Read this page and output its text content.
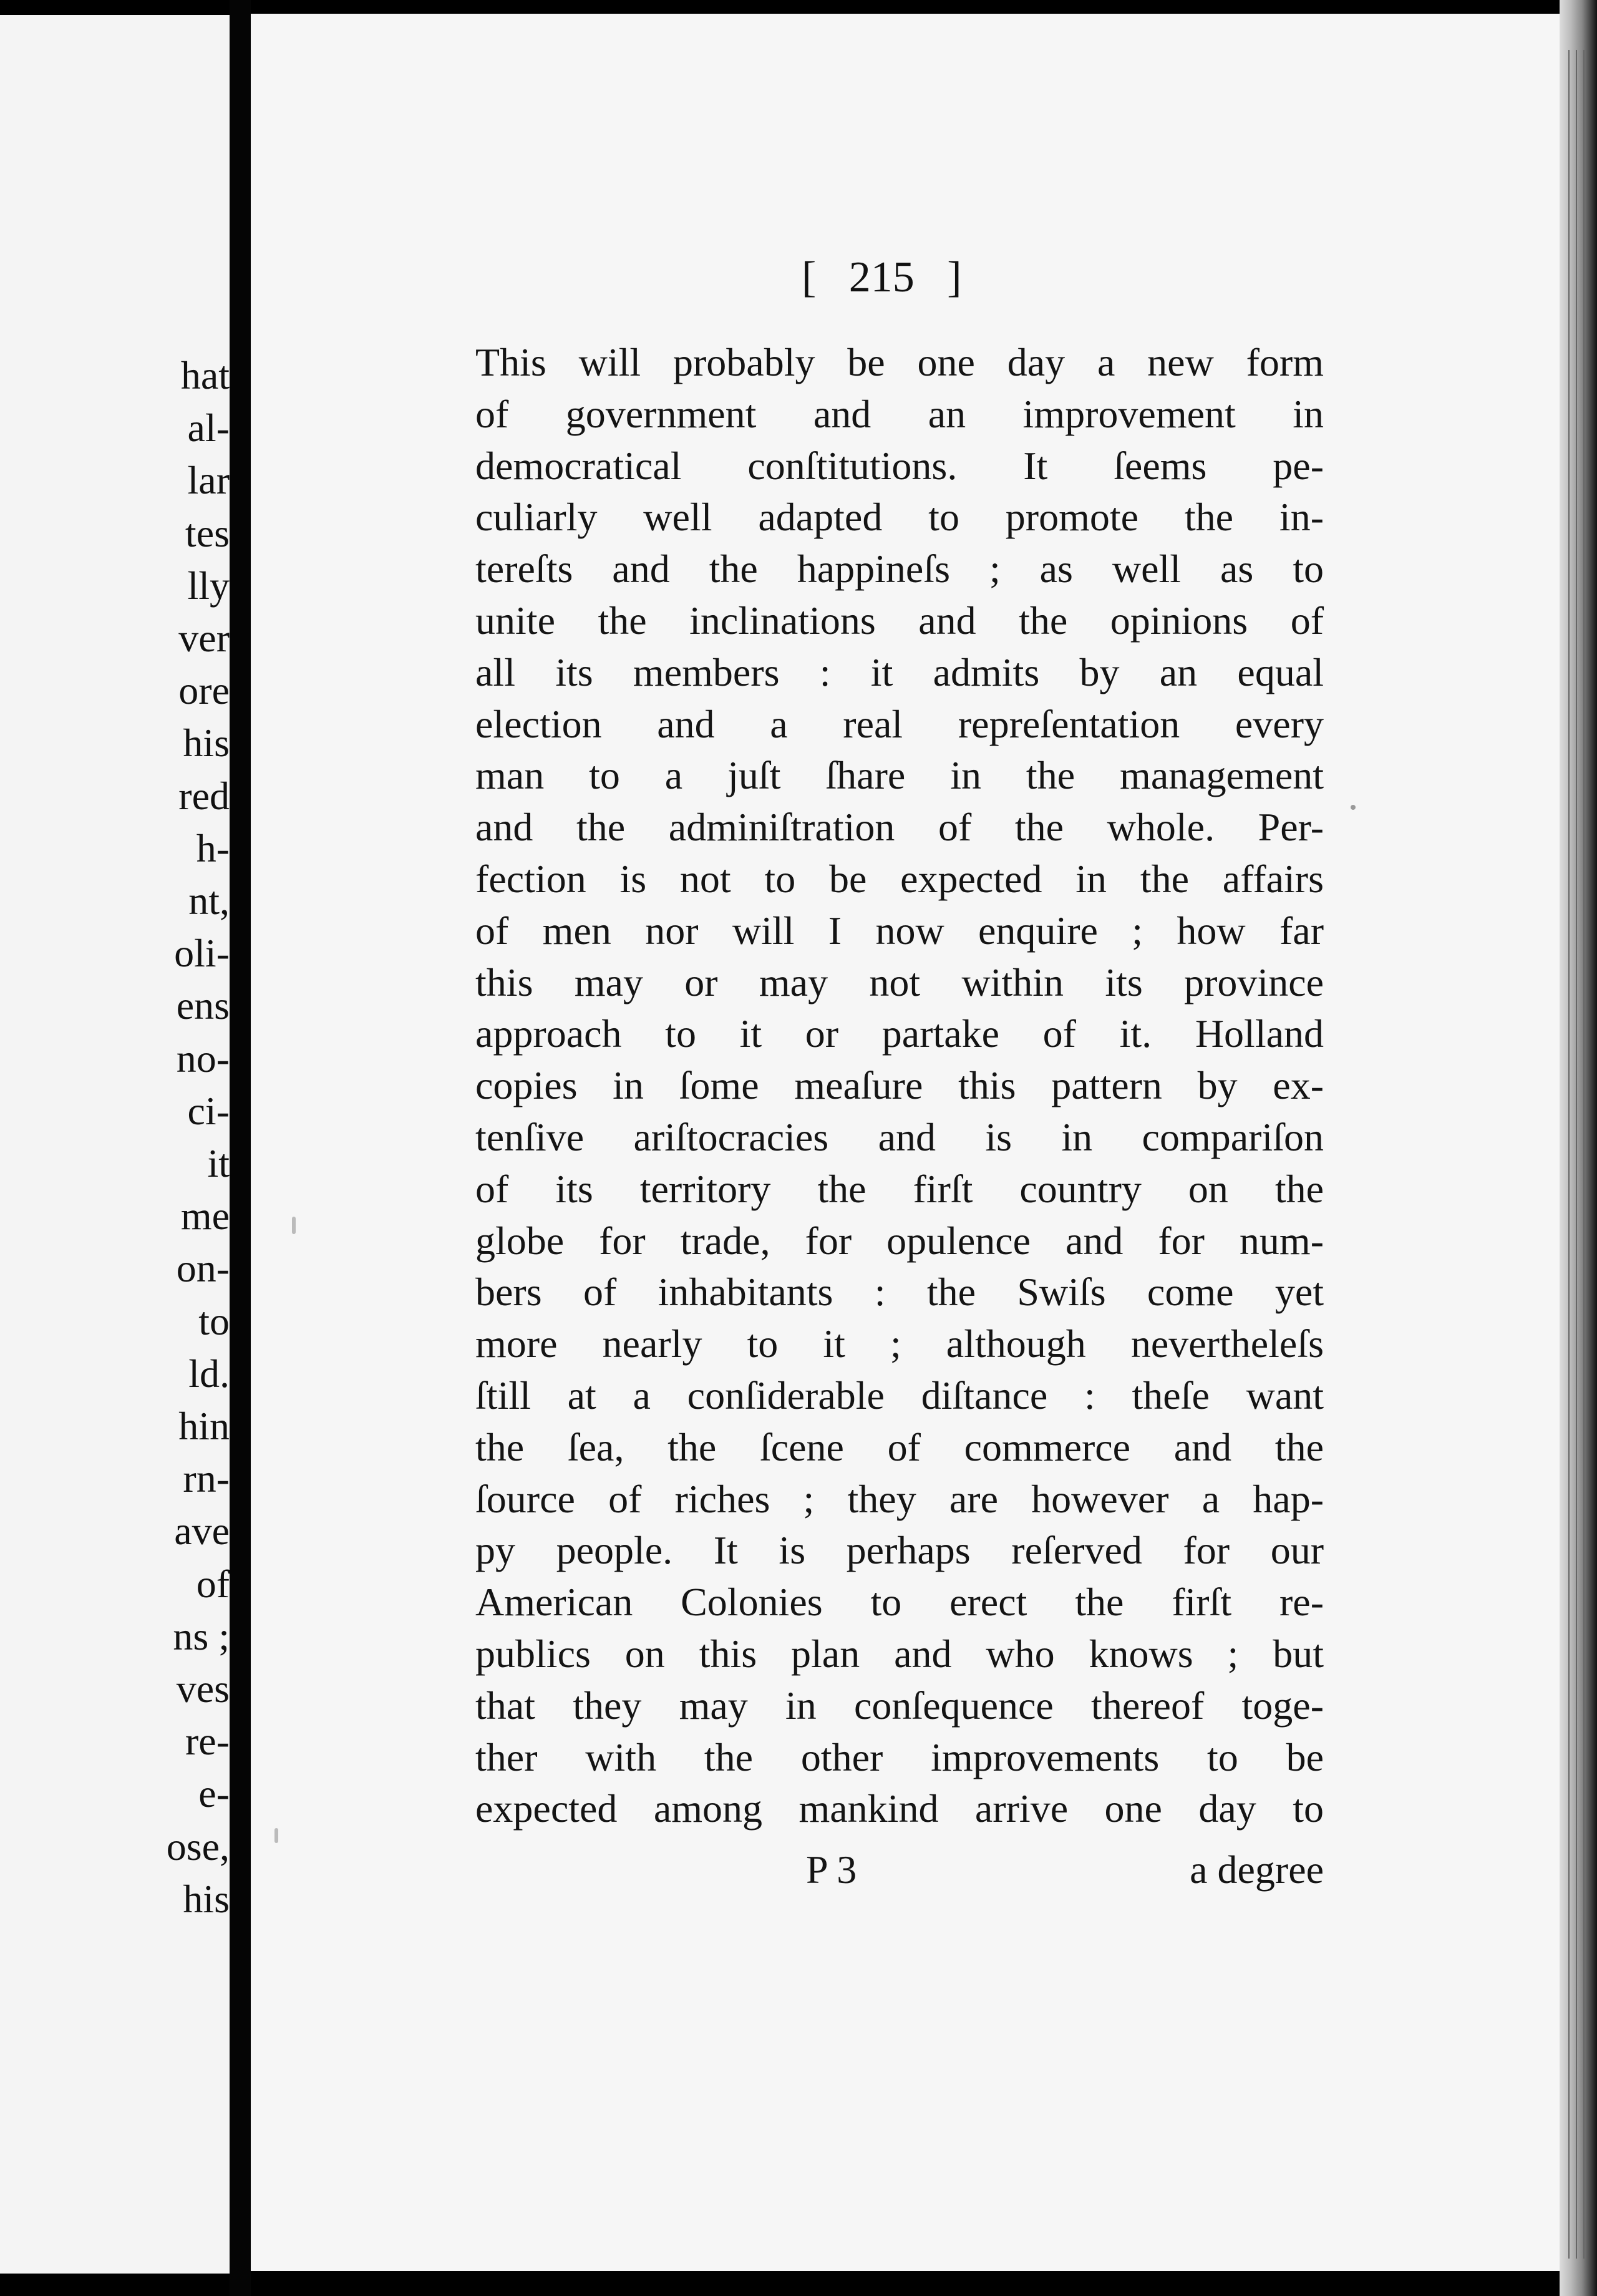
hat
al-
lar
tes
lly
ver
ore
his
red
h-
nt,
oli-
ens
no-
ci-
it
me
on-
to
ld.
hin
rn-
ave
of
ns ;
ves
re-
e-
ose,
his
[   215   ]
This will probably be one day a new form
of government and an improvement in
democratical conſtitutions. It ſeems pe-
culiarly well adapted to promote the in-
tereſts and the happineſs ; as well as to
unite the inclinations and the opinions of
all its members : it admits by an equal
election and a real repreſentation every
man to a juſt ſhare in the management
and the adminiſtration of the whole. Per-
fection is not to be expected in the affairs
of men nor will I now enquire ; how far
this may or may not within its province
approach to it or partake of it. Holland
copies in ſome meaſure this pattern by ex-
tenſive ariſtocracies and is in compariſon
of its territory the firſt country on the
globe for trade, for opulence and for num-
bers of inhabitants : the Swiſs come yet
more nearly to it ; although nevertheleſs
ſtill at a conſiderable diſtance : theſe want
the ſea, the ſcene of commerce and the
ſource of riches ; they are however a hap-
py people. It is perhaps reſerved for our
American Colonies to erect the firſt re-
publics on this plan and who knows ; but
that they may in conſequence thereof toge-
ther with the other improvements to be
expected among mankind arrive one day to
P 3	a degree
